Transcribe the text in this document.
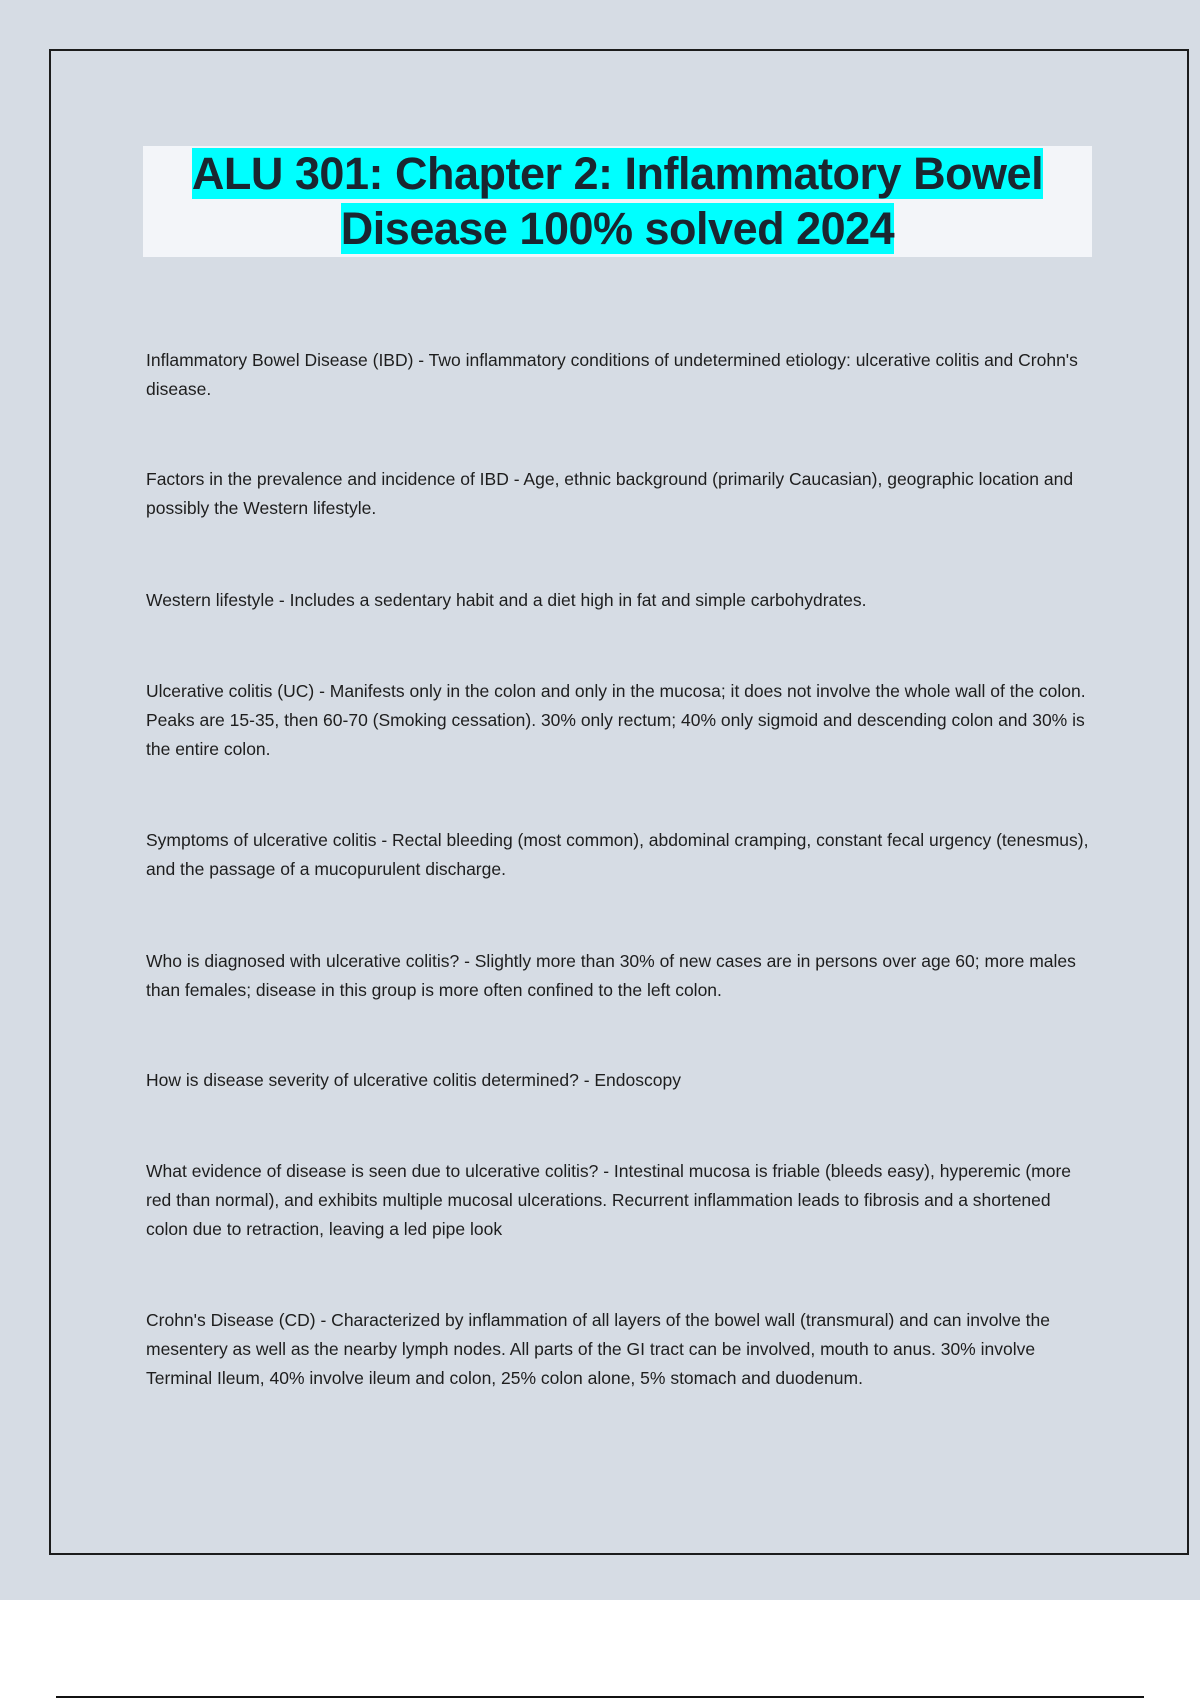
ALU 301: Chapter 2: Inflammatory Bowel
Disease 100% solved 2024

Inflammatory Bowel Disease (IBD) - Two inflammatory conditions of undetermined etiology: ulcerative colitis and Crohn's disease.

Factors in the prevalence and incidence of IBD - Age, ethnic background (primarily Caucasian), geographic location and possibly the Western lifestyle.

Western lifestyle - Includes a sedentary habit and a diet high in fat and simple carbohydrates.

Ulcerative colitis (UC) - Manifests only in the colon and only in the mucosa; it does not involve the whole wall of the colon. Peaks are 15-35, then 60-70 (Smoking cessation). 30% only rectum; 40% only sigmoid and descending colon and 30% is the entire colon.

Symptoms of ulcerative colitis - Rectal bleeding (most common), abdominal cramping, constant fecal urgency (tenesmus), and the passage of a mucopurulent discharge.

Who is diagnosed with ulcerative colitis? - Slightly more than 30% of new cases are in persons over age 60; more males than females; disease in this group is more often confined to the left colon.

How is disease severity of ulcerative colitis determined? - Endoscopy

What evidence of disease is seen due to ulcerative colitis? - Intestinal mucosa is friable (bleeds easy), hyperemic (more red than normal), and exhibits multiple mucosal ulcerations. Recurrent inflammation leads to fibrosis and a shortened colon due to retraction, leaving a led pipe look

Crohn's Disease (CD) - Characterized by inflammation of all layers of the bowel wall (transmural) and can involve the mesentery as well as the nearby lymph nodes. All parts of the GI tract can be involved, mouth to anus. 30% involve Terminal Ileum, 40% involve ileum and colon, 25% colon alone, 5% stomach and duodenum.
